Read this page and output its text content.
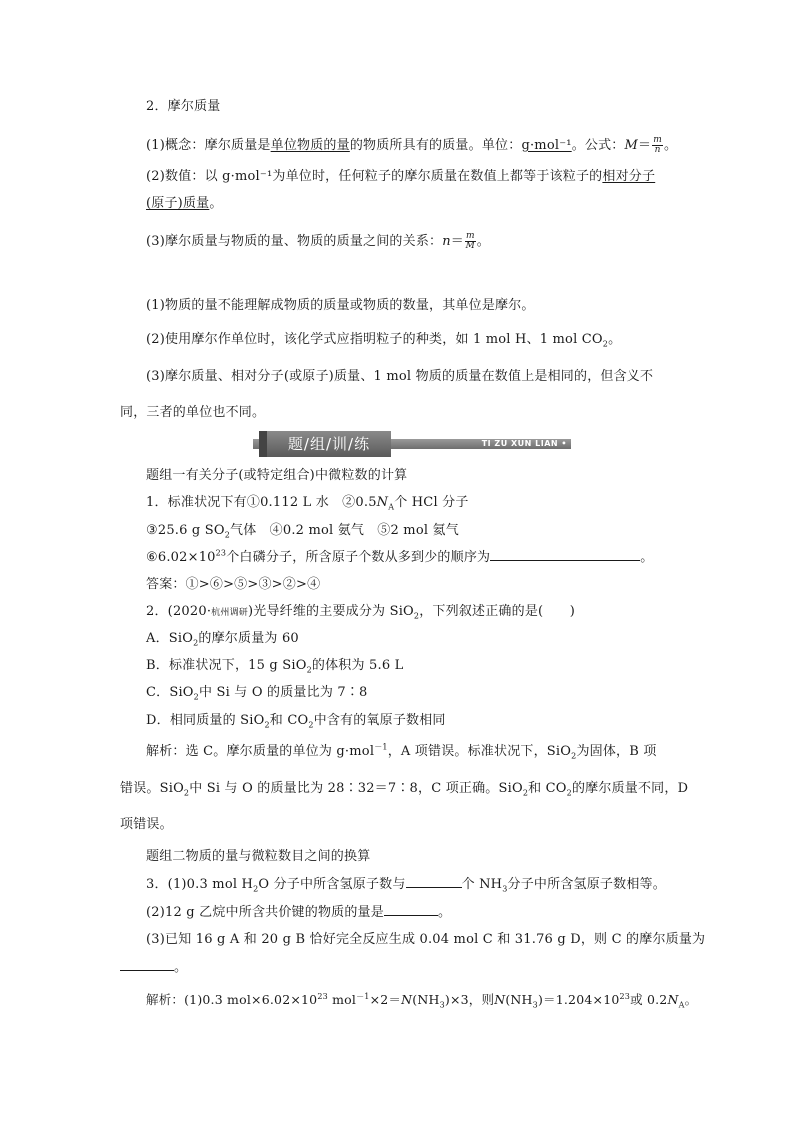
2．摩尔质量
(1)概念：摩尔质量是单位物质的量的物质所具有的质量。单位：g·mol⁻¹。公式：$M= \frac{m}{n}$ 。
(2)数值：以 g·mol⁻¹为单位时，任何粒子的摩尔质量在数值上都等于该粒子的相对分子
(原子)质量。
(3)摩尔质量与物质的量、物质的质量之间的关系：$n= \frac{m}{M}$ 。
(1)物质的量不能理解成物质的质量或物质的数量，其单位是摩尔。
(2)使用摩尔作单位时，该化学式应指明粒子的种类，如 1 mol H、1 mol $CO_2$。
(3)摩尔质量、相对分子(或原子)质量、1 mol 物质的质量在数值上是相同的，但含义不
同，三者的单位也不同。
题/组/训/练	TI ZU XUN LIAN •
题组一有关分子(或特定组合)中微粒数的计算
1．标准状况下有①0.112 L 水　$②0.5N_A$个 HCl 分子
③25.6 g $SO_2$气体　④0.2 mol 氨气　⑤2 mol 氦气
$⑥6.02\times 10^{23}$个白磷分子，所含原子个数从多到少的顺序为	。
答案：①>⑥>⑤>③>②>④
2．(2020·杭州调研)光导纤维的主要成分为 SiO$_2$，下列叙述正确的是(　　)
A．SiO$_2$的摩尔质量为 60
B．标准状况下，15 g SiO$_2$的体积为 5.6 L
C．SiO$_2$中 Si 与 O 的质量比为 7∶8
D．相同质量的 SiO$_2$和 $CO_2$中含有的氧原子数相同
解析：选 C。摩尔质量的单位为 g·mol$^{-1}$，A 项错误。标准状况下，SiO$_2$为固体，B 项
错误。SiO$_2$中 Si 与 O 的质量比为 28∶32＝7∶8，C 项正确。SiO$_2$和 $CO_2$的摩尔质量不同，D
项错误。
题组二物质的量与微粒数目之间的换算
3．(1)0.3 mol $H_2O$ 分子中所含氢原子数与	个 $NH_3$分子中所含氢原子数相等。
(2)12 g 乙烷中所含共价键的物质的量是	。
(3)已知 16 g A 和 20 g B 恰好完全反应生成 0.04 mol C 和 31.76 g D，则 C 的摩尔质量为
。
解析：(1)0.3 $mol\times 6.02\times 10^{23}$ $mol^{-1}\times 2=N(NH_3)\times 3$，则$N(NH_3)=1.204\times 10^{23}$或 $0.2N_A$。
